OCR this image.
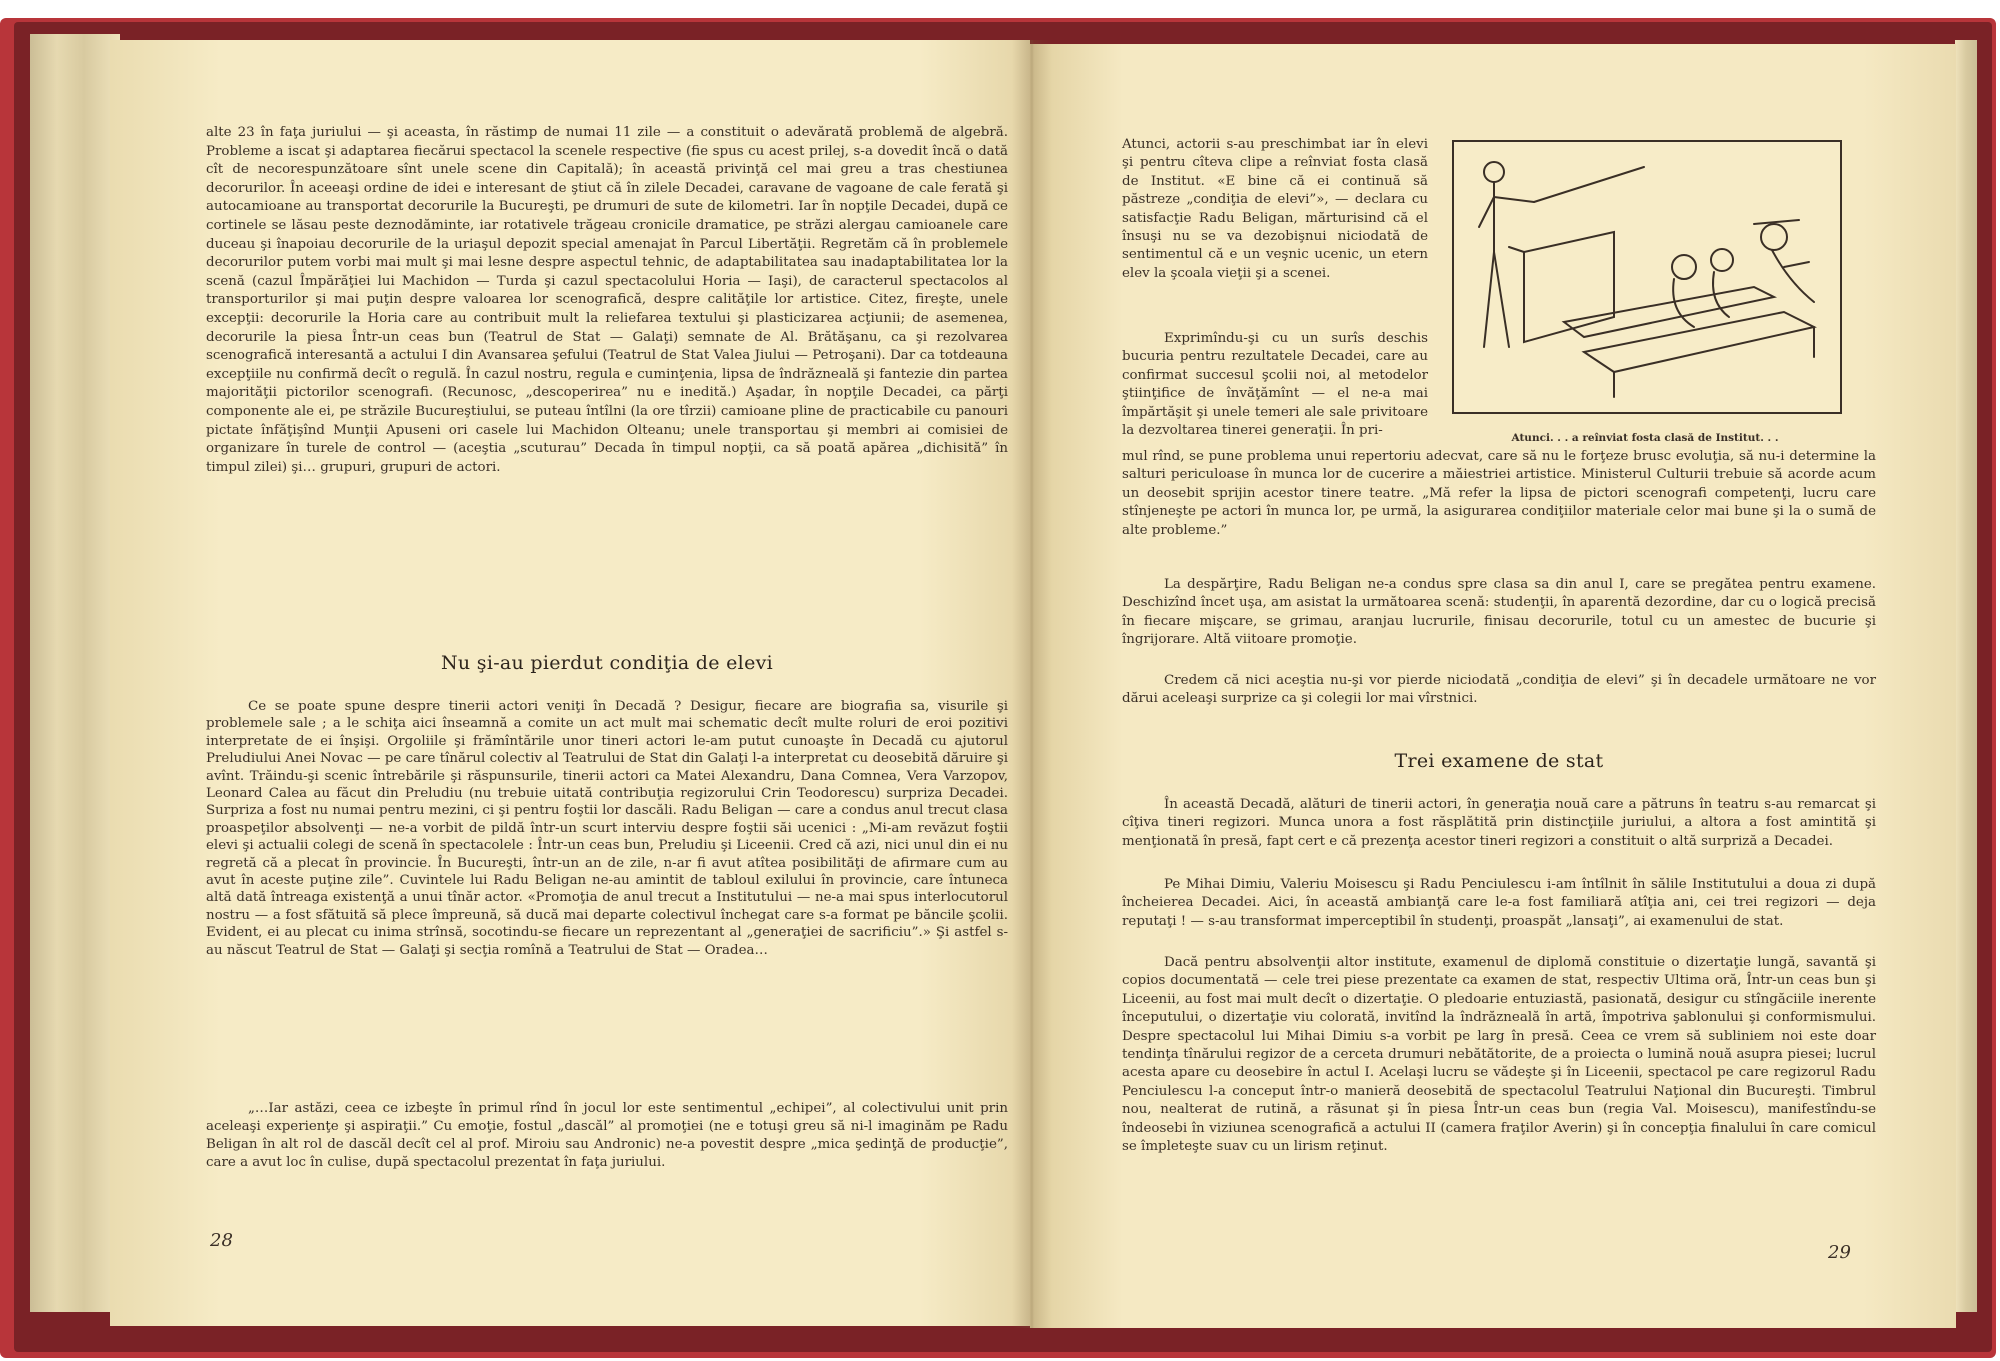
alte 23 în faţa juriului — şi aceasta, în răstimp de numai 11 zile — a constituit o adevărată problemă de algebră. Probleme a iscat şi adaptarea fiecărui spectacol la scenele respective (fie spus cu acest prilej, s-a dovedit încă o dată cît de necorespunzătoare sînt unele scene din Capitală); în această privinţă cel mai greu a tras chestiunea decorurilor. În aceeaşi ordine de idei e interesant de ştiut că în zilele Decadei, caravane de vagoane de cale ferată şi autocamioane au transportat decorurile la Bucureşti, pe drumuri de sute de kilometri. Iar în nopţile Decadei, după ce cortinele se lăsau peste deznodăminte, iar rotativele trăgeau cronicile dramatice, pe străzi alergau camioanele care duceau şi înapoiau decorurile de la uriaşul depozit special amenajat în Parcul Libertăţii. Regretăm că în problemele decorurilor putem vorbi mai mult şi mai lesne despre aspectul tehnic, de adaptabilitatea sau inadaptabilitatea lor la scenă (cazul Împărăţiei lui Machidon — Turda şi cazul spectacolului Horia — Iaşi), de caracterul spectacolos al transporturilor şi mai puţin despre valoarea lor scenografică, despre calităţile lor artistice. Citez, fireşte, unele excepţii: decorurile la Horia care au contribuit mult la reliefarea textului şi plasticizarea acţiunii; de asemenea, decorurile la piesa Într-un ceas bun (Teatrul de Stat — Galaţi) semnate de Al. Brătăşanu, ca şi rezolvarea scenografică interesantă a actului I din Avansarea şefului (Teatrul de Stat Valea Jiului — Petroşani). Dar ca totdeauna excepţiile nu confirmă decît o regulă. În cazul nostru, regula e cuminţenia, lipsa de îndrăzneală şi fantezie din partea majorităţii pictorilor scenografi. (Recunosc, „descoperirea” nu e inedită.) Aşadar, în nopţile Decadei, ca părţi componente ale ei, pe străzile Bucureştiului, se puteau întîlni (la ore tîrzii) camioane pline de practicabile cu panouri pictate înfăţişînd Munţii Apuseni ori casele lui Machidon Olteanu; unele transportau şi membri ai comisiei de organizare în turele de control — (aceştia „scuturau” Decada în timpul nopţii, ca să poată apărea „dichisită” în timpul zilei) şi… grupuri, grupuri de actori.

Nu şi-au pierdut condiţia de elevi

Ce se poate spune despre tinerii actori veniţi în Decadă ? Desigur, fiecare are biografia sa, visurile şi problemele sale ; a le schiţa aici înseamnă a comite un act mult mai schematic decît multe roluri de eroi pozitivi interpretate de ei înşişi. Orgoliile şi frămîntările unor tineri actori le-am putut cunoaşte în Decadă cu ajutorul Preludiului Anei Novac — pe care tînărul colectiv al Teatrului de Stat din Galaţi l-a interpretat cu deosebită dăruire şi avînt. Trăindu-şi scenic întrebările şi răspunsurile, tinerii actori ca Matei Alexandru, Dana Comnea, Vera Varzopov, Leonard Calea au făcut din Preludiu (nu trebuie uitată contribuţia regizorului Crin Teodorescu) surpriza Decadei. Surpriza a fost nu numai pentru mezini, ci şi pentru foştii lor dascăli. Radu Beligan — care a condus anul trecut clasa proaspeţilor absolvenţi — ne-a vorbit de pildă într-un scurt interviu despre foştii săi ucenici : „Mi-am revăzut foştii elevi şi actualii colegi de scenă în spectacolele : Într-un ceas bun, Preludiu şi Liceenii. Cred că azi, nici unul din ei nu regretă că a plecat în provincie. În Bucureşti, într-un an de zile, n-ar fi avut atîtea posibilităţi de afirmare cum au avut în aceste puţine zile”. Cuvintele lui Radu Beligan ne-au amintit de tabloul exilului în provincie, care întuneca altă dată întreaga existenţă a unui tînăr actor. «Promoţia de anul trecut a Institutului — ne-a mai spus interlocutorul nostru — a fost sfătuită să plece împreună, să ducă mai departe colectivul închegat care s-a format pe băncile şcolii. Evident, ei au plecat cu inima strînsă, socotindu-se fiecare un reprezentant al „generaţiei de sacrificiu”.» Şi astfel s-au născut Teatrul de Stat — Galaţi şi secţia romînă a Teatrului de Stat — Oradea…

„…Iar astăzi, ceea ce izbeşte în primul rînd în jocul lor este sentimentul „echipei”, al colectivului unit prin aceleaşi experienţe şi aspiraţii.” Cu emoţie, fostul „dascăl” al promoţiei (ne e totuşi greu să ni-l imaginăm pe Radu Beligan în alt rol de dascăl decît cel al prof. Miroiu sau Andronic) ne-a povestit despre „mica şedinţă de producţie”, care a avut loc în culise, după spectacolul prezentat în faţa juriului.

28

Atunci, actorii s-au preschimbat iar în elevi şi pentru cîteva clipe a reînviat fosta clasă de Institut. «E bine că ei continuă să păstreze „condiţia de elevi”», — declara cu satisfacţie Radu Beligan, mărturisind că el însuşi nu se va dezobişnui niciodată de sentimentul că e un veşnic ucenic, un etern elev la şcoala vieţii şi a scenei.

Exprimîndu-şi cu un surîs deschis bucuria pentru rezultatele Decadei, care au confirmat succesul şcolii noi, al metodelor ştiinţifice de învăţămînt — el ne-a mai împărtăşit şi unele temeri ale sale privitoare la dezvoltarea tinerei generaţii. În pri-	Atunci. . . a reînviat fosta clasă de Institut. . .

mul rînd, se pune problema unui repertoriu adecvat, care să nu le forţeze brusc evoluţia, să nu-i determine la salturi periculoase în munca lor de cucerire a măiestriei artistice. Ministerul Culturii trebuie să acorde acum un deosebit sprijin acestor tinere teatre. „Mă refer la lipsa de pictori scenografi competenţi, lucru care stînjeneşte pe actori în munca lor, pe urmă, la asigurarea condiţiilor materiale celor mai bune şi la o sumă de alte probleme.”

La despărţire, Radu Beligan ne-a condus spre clasa sa din anul I, care se pregătea pentru examene. Deschizînd încet uşa, am asistat la următoarea scenă: studenţii, în aparentă dezordine, dar cu o logică precisă în fiecare mişcare, se grimau, aranjau lucrurile, finisau decorurile, totul cu un amestec de bucurie şi îngrijorare. Altă viitoare promoţie.

Credem că nici aceştia nu-şi vor pierde niciodată „condiţia de elevi” şi în decadele următoare ne vor dărui aceleaşi surprize ca şi colegii lor mai vîrstnici.

Trei examene de stat

În această Decadă, alături de tinerii actori, în generaţia nouă care a pătruns în teatru s-au remarcat şi cîţiva tineri regizori. Munca unora a fost răsplătită prin distincţiile juriului, a altora a fost amintită şi menţionată în presă, fapt cert e că prezenţa acestor tineri regizori a constituit o altă surpriză a Decadei.

Pe Mihai Dimiu, Valeriu Moisescu şi Radu Penciulescu i-am întîlnit în sălile Institutului a doua zi după încheierea Decadei. Aici, în această ambianţă care le-a fost familiară atîţia ani, cei trei regizori — deja reputaţi ! — s-au transformat imperceptibil în studenţi, proaspăt „lansaţi”, ai examenului de stat.

Dacă pentru absolvenţii altor institute, examenul de diplomă constituie o dizertaţie lungă, savantă şi copios documentată — cele trei piese prezentate ca examen de stat, respectiv Ultima oră, Într-un ceas bun şi Liceenii, au fost mai mult decît o dizertaţie. O pledoarie entuziastă, pasionată, desigur cu stîngăciile inerente începutului, o dizertaţie viu colorată, invitînd la îndrăzneală în artă, împotriva şablonului şi conformismului. Despre spectacolul lui Mihai Dimiu s-a vorbit pe larg în presă. Ceea ce vrem să subliniem noi este doar tendinţa tînărului regizor de a cerceta drumuri nebătătorite, de a proiecta o lumină nouă asupra piesei; lucrul acesta apare cu deosebire în actul I. Acelaşi lucru se vădeşte şi în Liceenii, spectacol pe care regizorul Radu Penciulescu l-a conceput într-o manieră deosebită de spectacolul Teatrului Naţional din Bucureşti. Timbrul nou, nealterat de rutină, a răsunat şi în piesa Într-un ceas bun (regia Val. Moisescu), manifestîndu-se îndeosebi în viziunea scenografică a actului II (camera fraţilor Averin) şi în concepţia finalului în care comicul se împleteşte suav cu un lirism reţinut.

29
